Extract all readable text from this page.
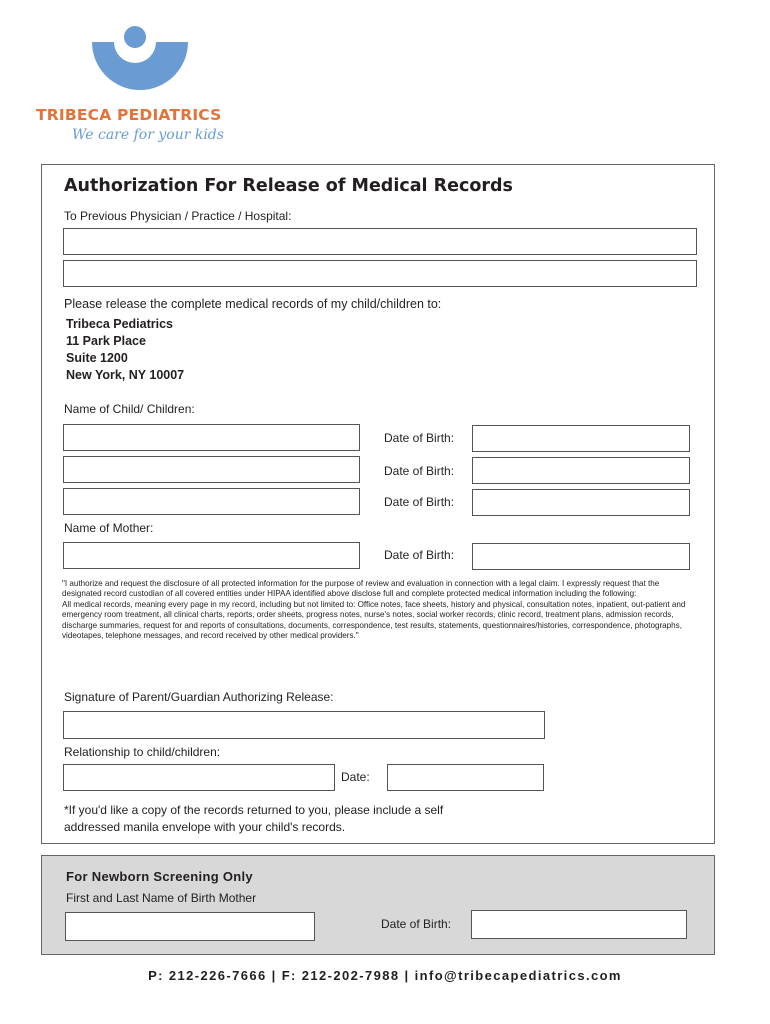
TRIBECA PEDIATRICS
We care for your kids
Authorization For Release of Medical Records
To Previous Physician / Practice / Hospital:
Please release the complete medical records of my child/children to:
Tribeca Pediatrics
11 Park Place
Suite 1200
New York, NY 10007
Name of Child/ Children:
Date of Birth:
Date of Birth:
Date of Birth:
Name of Mother:
Date of Birth:

"I authorize and request the disclosure of all protected information for the purpose of review and evaluation in connection with a legal claim. I expressly request that the designated record custodian of all covered entities under HIPAA identified above disclose full and complete protected medical information including the following:

All medical records, meaning every page in my record, including but not limited to: Office notes, face sheets, history and physical, consultation notes, inpatient, out-patient and emergency room treatment, all clinical charts, reports, order sheets, progress notes, nurse's notes, social worker records, clinic record, treatment plans, admission records, discharge summaries, request for and reports of consultations, documents, correspondence, test results, statements, questionnaires/histories, correspondence, photographs, videotapes, telephone messages, and record received by other medical providers."

Signature of Parent/Guardian Authorizing Release:
Relationship to child/children:
Date:
*If you'd like a copy of the records returned to you, please include a self
addressed manila envelope with your child's records.
For Newborn Screening Only
First and Last Name of Birth Mother
Date of Birth:
P: 212-226-7666 | F: 212-202-7988 | info@tribecapediatrics.com
